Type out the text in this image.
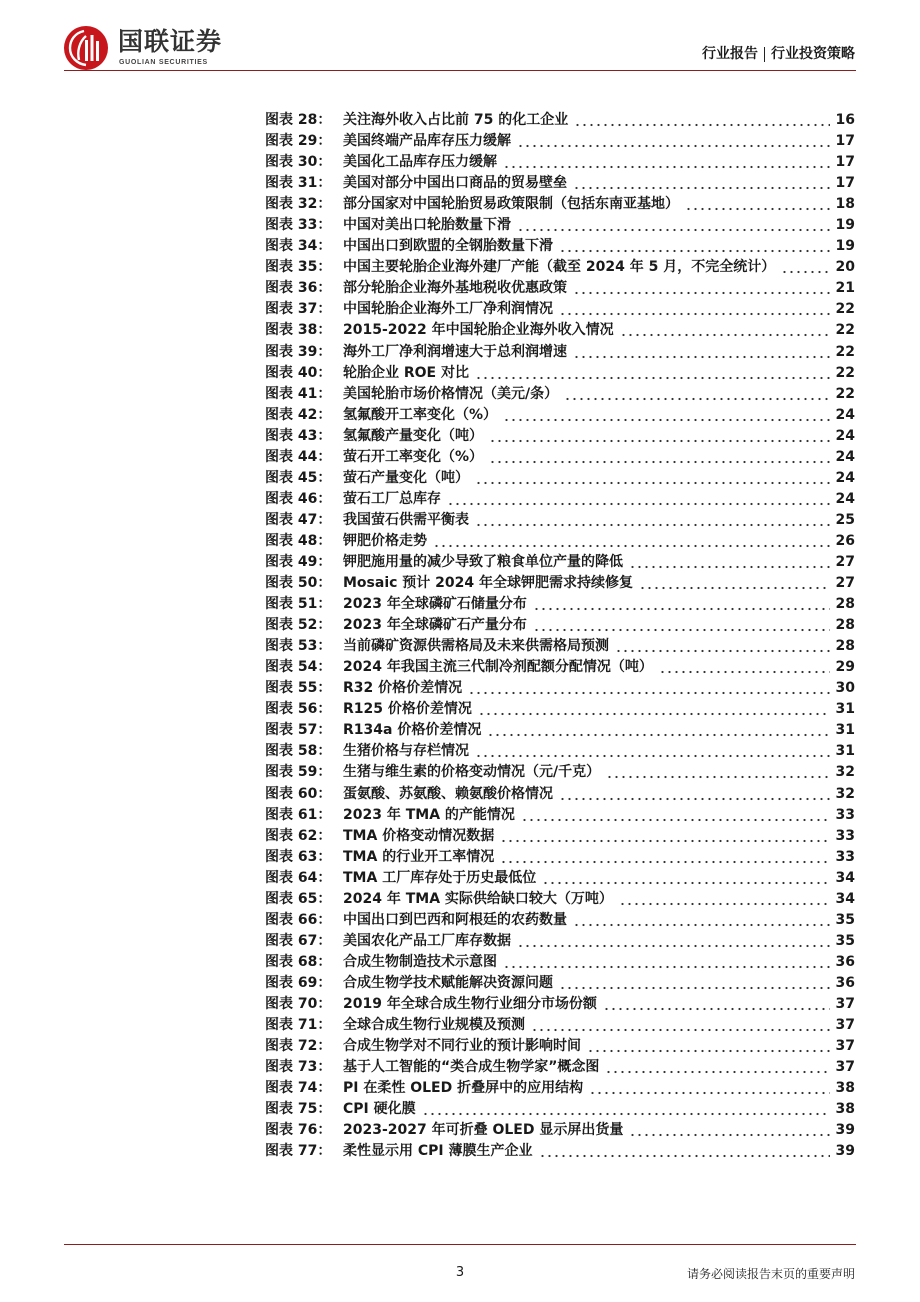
国联证券
GUOLIAN SECURITIES
行业报告 行业投资策略
图表 28： 关注海外收入占比前 75 的化工企业	16
图表 29： 美国终端产品库存压力缓解	17
图表 30： 美国化工品库存压力缓解	17
图表 31： 美国对部分中国出口商品的贸易壁垒	17
图表 32： 部分国家对中国轮胎贸易政策限制（包括东南亚基地）	18
图表 33： 中国对美出口轮胎数量下滑	19
图表 34： 中国出口到欧盟的全钢胎数量下滑	19
图表 35： 中国主要轮胎企业海外建厂产能（截至 2024 年 5 月，不完全统计）	20
图表 36： 部分轮胎企业海外基地税收优惠政策	21
图表 37： 中国轮胎企业海外工厂净利润情况	22
图表 38： 2015-2022 年中国轮胎企业海外收入情况	22
图表 39： 海外工厂净利润增速大于总利润增速	22
图表 40： 轮胎企业 ROE 对比	22
图表 41： 美国轮胎市场价格情况（美元/条）	22
图表 42： 氢氟酸开工率变化（%）	24
图表 43： 氢氟酸产量变化（吨）	24
图表 44： 萤石开工率变化（%）	24
图表 45： 萤石产量变化（吨）	24
图表 46： 萤石工厂总库存	24
图表 47： 我国萤石供需平衡表	25
图表 48： 钾肥价格走势	26
图表 49： 钾肥施用量的减少导致了粮食单位产量的降低	27
图表 50： Mosaic 预计 2024 年全球钾肥需求持续修复	27
图表 51： 2023 年全球磷矿石储量分布	28
图表 52： 2023 年全球磷矿石产量分布	28
图表 53： 当前磷矿资源供需格局及未来供需格局预测	28
图表 54： 2024 年我国主流三代制冷剂配额分配情况（吨）	29
图表 55： R32 价格价差情况	30
图表 56： R125 价格价差情况	31
图表 57： R134a 价格价差情况	31
图表 58： 生猪价格与存栏情况	31
图表 59： 生猪与维生素的价格变动情况（元/千克）	32
图表 60： 蛋氨酸、苏氨酸、赖氨酸价格情况	32
图表 61： 2023 年 TMA 的产能情况	33
图表 62： TMA 价格变动情况数据	33
图表 63： TMA 的行业开工率情况	33
图表 64： TMA 工厂库存处于历史最低位	34
图表 65： 2024 年 TMA 实际供给缺口较大（万吨）	34
图表 66： 中国出口到巴西和阿根廷的农药数量	35
图表 67： 美国农化产品工厂库存数据	35
图表 68： 合成生物制造技术示意图	36
图表 69： 合成生物学技术赋能解决资源问题	36
图表 70： 2019 年全球合成生物行业细分市场份额	37
图表 71： 全球合成生物行业规模及预测	37
图表 72： 合成生物学对不同行业的预计影响时间	37
图表 73： 基于人工智能的“类合成生物学家”概念图	37
图表 74： PI 在柔性 OLED 折叠屏中的应用结构	38
图表 75： CPI 硬化膜	38
图表 76： 2023-2027 年可折叠 OLED 显示屏出货量	39
图表 77： 柔性显示用 CPI 薄膜生产企业	39
3	请务必阅读报告末页的重要声明
